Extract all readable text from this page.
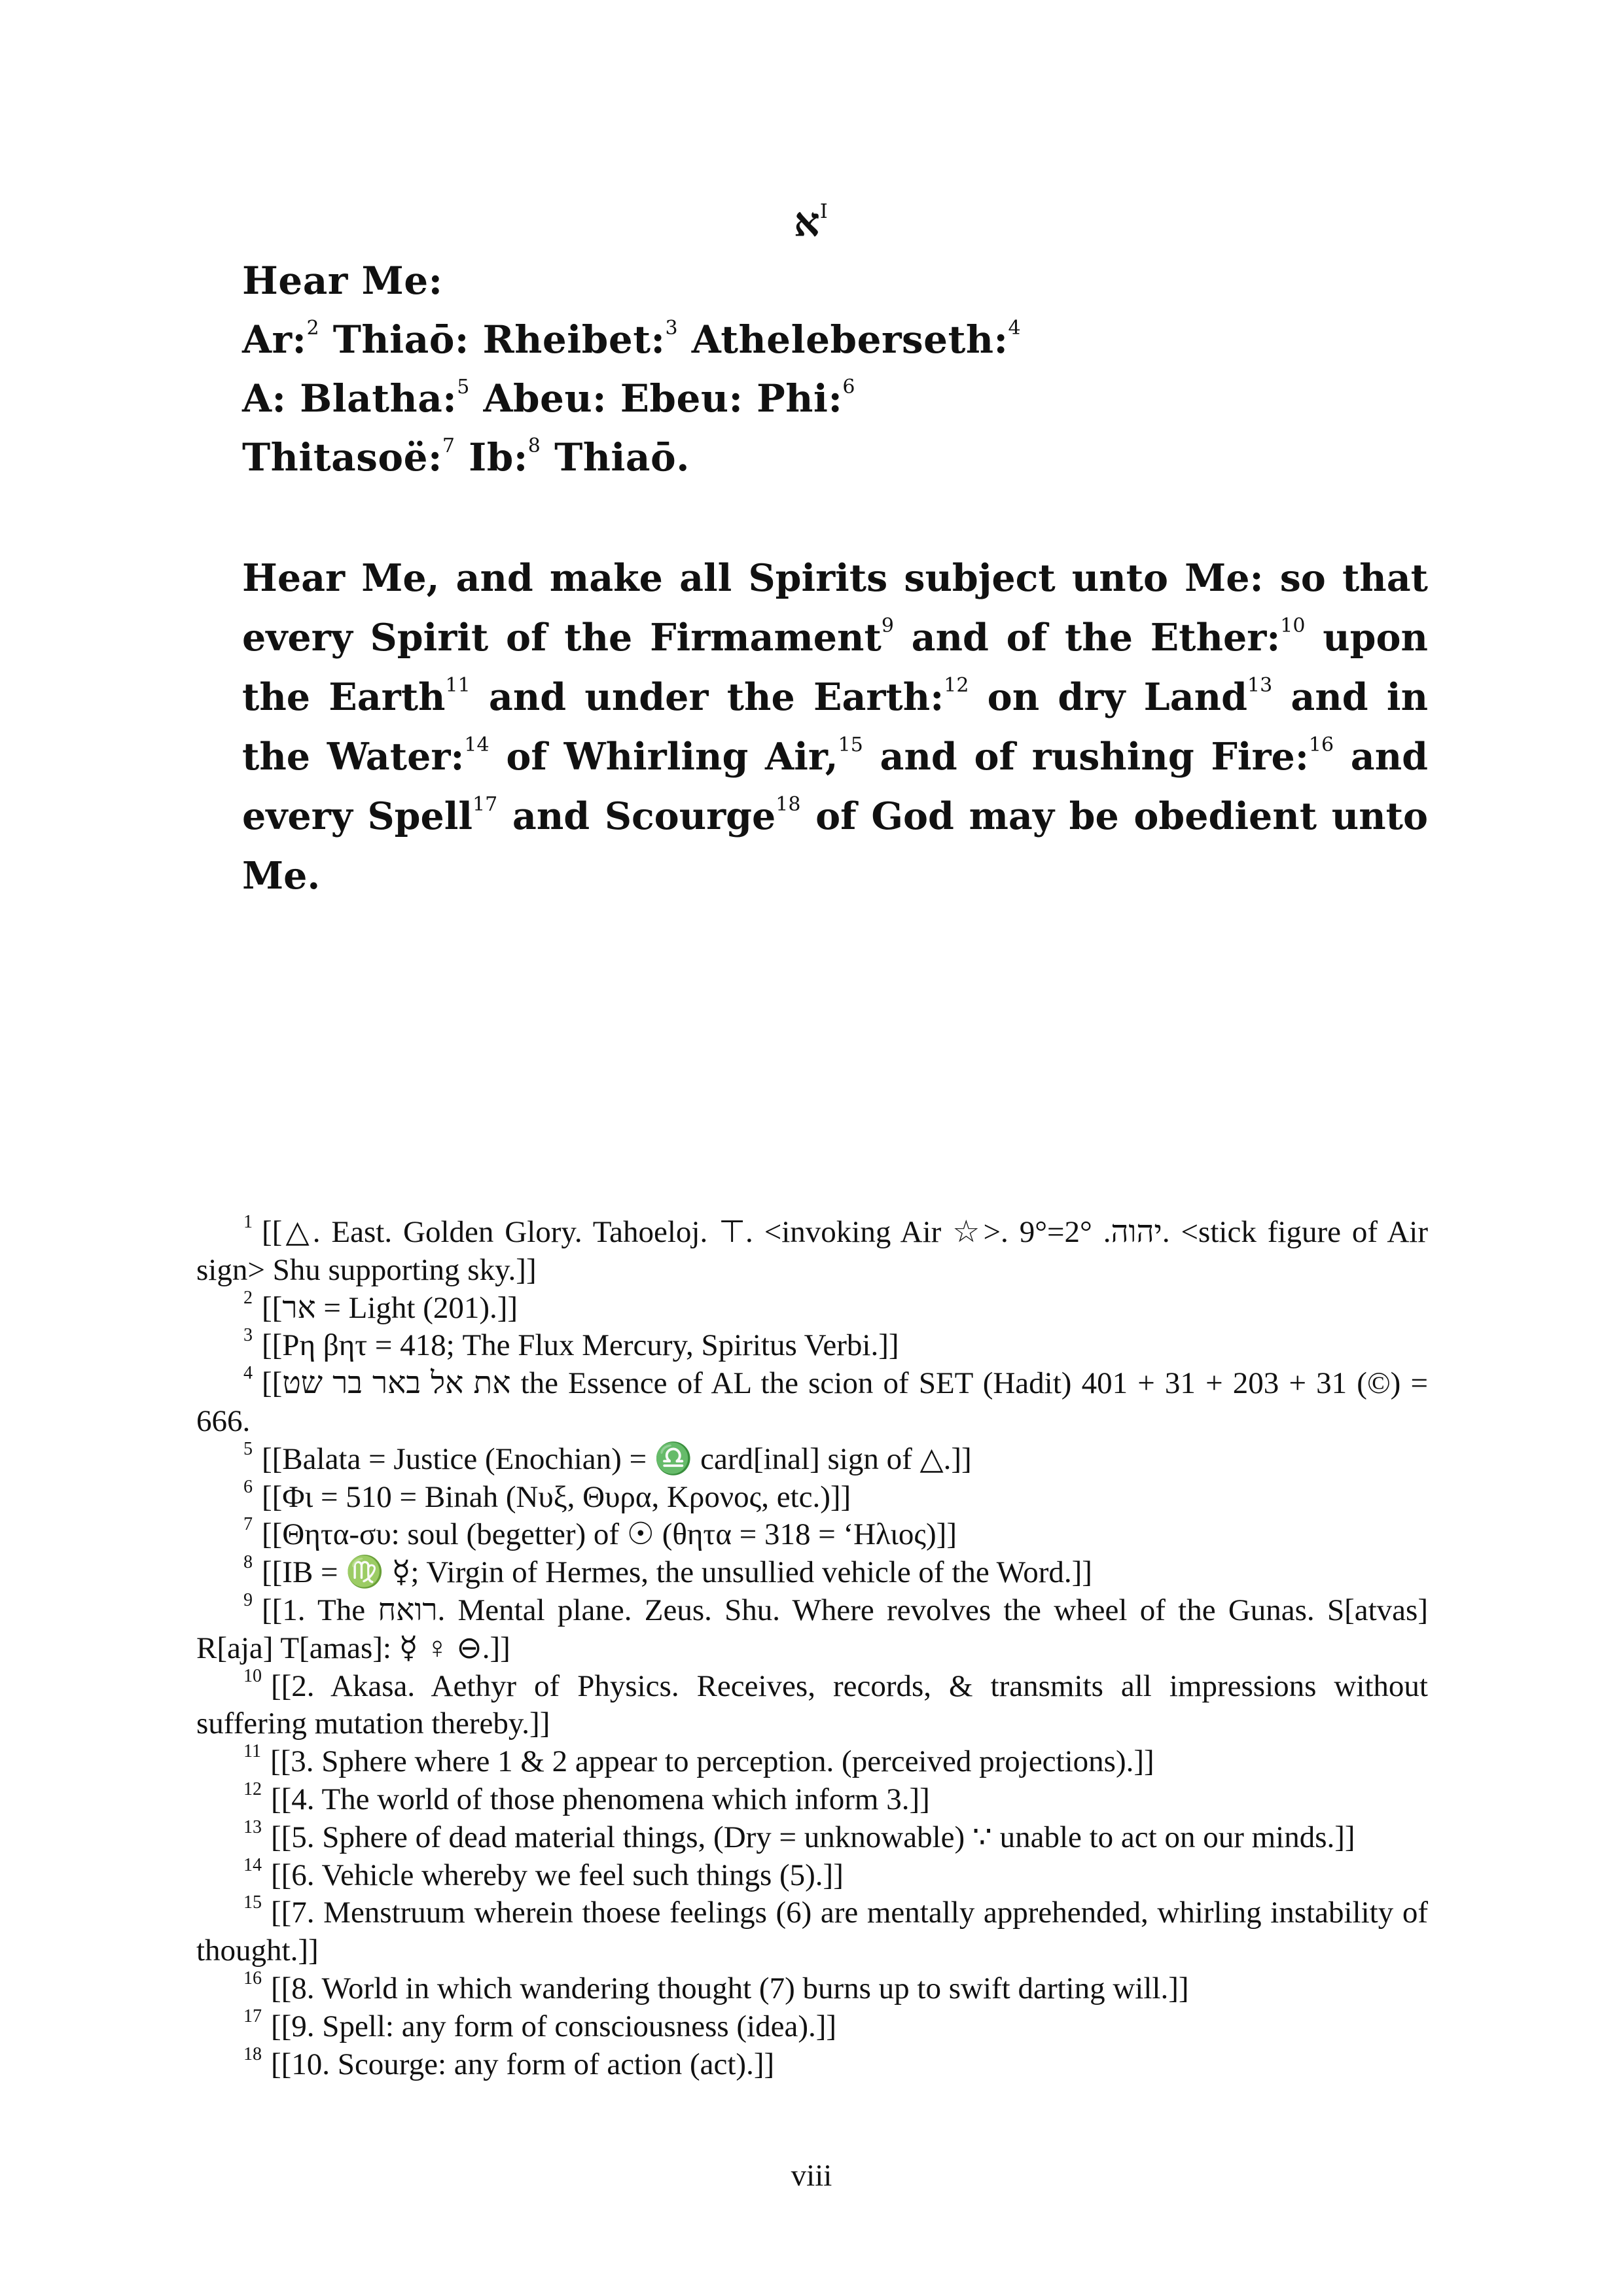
א$^I$
Hear Me:
Ar:$^2$ Thiaō: Rheibet:$^3$ Atheleberseth:$^4$
A: Blatha:$^5$ Abeu: Ebeu: Phi:$^6$
Thitasoë:$^7$ Ib:$^8$ Thiaō.
Hear Me, and make all Spirits subject unto Me: so that every Spirit of the Firmament$^9$ and of the Ether:$^{10}$ upon the Earth$^{11}$ and under the Earth:$^{12}$ on dry Land$^{13}$ and in the Water:$^{14}$ of Whirling Air,$^{15}$ and of rushing Fire:$^{16}$ and every Spell$^{17}$ and Scourge$^{18}$ of God may be obedient unto Me.

$^1$ [[△. East. Golden Glory. Tahoeloj. ⊤. <invoking Air ☆>. יהוה. 2°=9°. <stick figure of Air sign> Shu supporting sky.]]

$^2$ [[אר = Light (201).]]

$^3$ [[Pη βητ = 418; The Flux Mercury, Spiritus Verbi.]]

$^4$ [[את אל באר בר שט the Essence of AL the scion of SET (Hadit) 401 + 31 + 203 + 31 (©) = 666.

$^5$ [[Balata = Justice (Enochian) = ♎ card[inal] sign of △.]]

$^6$ [[Φι = 510 = Binah (Νυξ, Θυρα, Κρονος, etc.)]]

$^7$ [[Θητα-συ: soul (begetter) of ☉ (θητα = 318 = ‘Ηλιος)]]

$^8$ [[IB = ♍ ☿; Virgin of Hermes, the unsullied vehicle of the Word.]]

$^9$ [[1. The רואח. Mental plane. Zeus. Shu. Where revolves the wheel of the Gunas. S[atvas] R[aja] T[amas]: ☿ ♀ ⊖.]]

$^{10}$ [[2. Akasa. Aethyr of Physics. Receives, records, & transmits all impressions without suffering mutation thereby.]]

$^{11}$ [[3. Sphere where 1 & 2 appear to perception. (perceived projections).]]

$^{12}$ [[4. The world of those phenomena which inform 3.]]

$^{13}$ [[5. Sphere of dead material things, (Dry = unknowable) ∵ unable to act on our minds.]]

$^{14}$ [[6. Vehicle whereby we feel such things (5).]]

$^{15}$ [[7. Menstruum wherein thoese feelings (6) are mentally apprehended, whirling instability of thought.]]

$^{16}$ [[8. World in which wandering thought (7) burns up to swift darting will.]]

$^{17}$ [[9. Spell: any form of consciousness (idea).]]

$^{18}$ [[10. Scourge: any form of action (act).]]

viii
